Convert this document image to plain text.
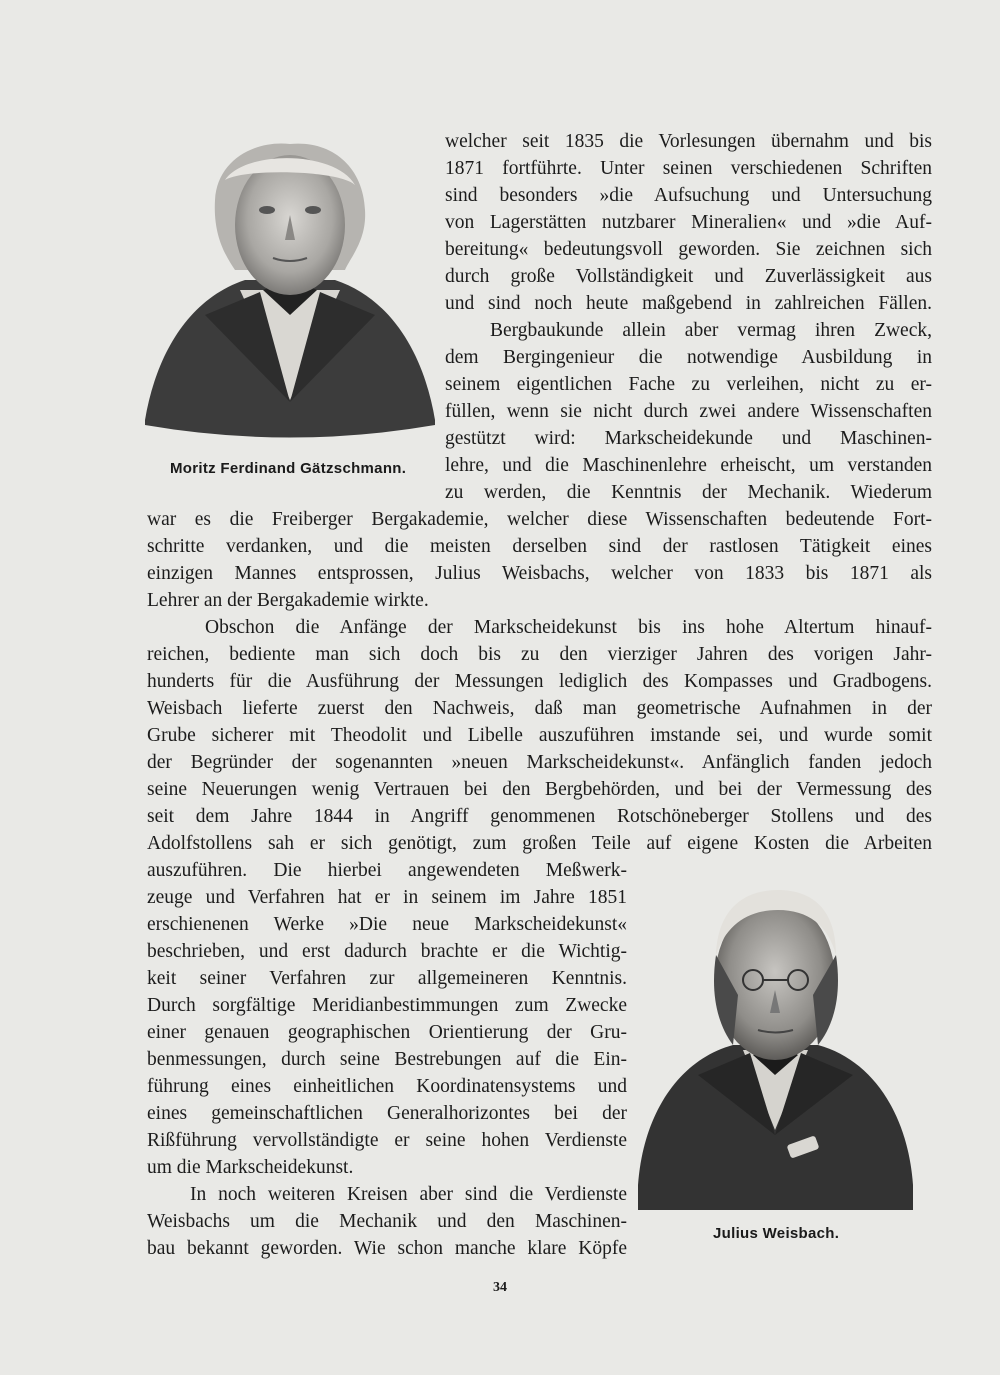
Moritz Ferdinand Gätzschmann.
Julius Weisbach.
welcher seit 1835 die Vorlesungen übernahm und bis
1871 fortführte. Unter seinen verschiedenen Schriften
sind besonders »die Aufsuchung und Untersuchung
von Lagerstätten nutzbarer Mineralien« und »die Auf-
bereitung« bedeutungsvoll geworden. Sie zeichnen sich
durch große Vollständigkeit und Zuverlässigkeit aus
und sind noch heute maßgebend in zahlreichen Fällen.
Bergbaukunde allein aber vermag ihren Zweck,
dem Bergingenieur die notwendige Ausbildung in
seinem eigentlichen Fache zu verleihen, nicht zu er-
füllen, wenn sie nicht durch zwei andere Wissenschaften
gestützt wird: Markscheidekunde und Maschinen-
lehre, und die Maschinenlehre erheischt, um verstanden
zu werden, die Kenntnis der Mechanik. Wiederum
war es die Freiberger Bergakademie, welcher diese Wissenschaften bedeutende Fort-
schritte verdanken, und die meisten derselben sind der rastlosen Tätigkeit eines
einzigen Mannes entsprossen, Julius Weisbachs, welcher von 1833 bis 1871 als
Lehrer an der Bergakademie wirkte.
Obschon die Anfänge der Markscheidekunst bis ins hohe Altertum hinauf-
reichen, bediente man sich doch bis zu den vierziger Jahren des vorigen Jahr-
hunderts für die Ausführung der Messungen lediglich des Kompasses und Gradbogens.
Weisbach lieferte zuerst den Nachweis, daß man geometrische Aufnahmen in der
Grube sicherer mit Theodolit und Libelle auszuführen imstande sei, und wurde somit
der Begründer der sogenannten »neuen Markscheidekunst«. Anfänglich fanden jedoch
seine Neuerungen wenig Vertrauen bei den Bergbehörden, und bei der Vermessung des
seit dem Jahre 1844 in Angriff genommenen Rotschöneberger Stollens und des
Adolfstollens sah er sich genötigt, zum großen Teile auf eigene Kosten die Arbeiten
auszuführen. Die hierbei angewendeten Meßwerk-
zeuge und Verfahren hat er in seinem im Jahre 1851
erschienenen Werke »Die neue Markscheidekunst«
beschrieben, und erst dadurch brachte er die Wichtig-
keit seiner Verfahren zur allgemeineren Kenntnis.
Durch sorgfältige Meridianbestimmungen zum Zwecke
einer genauen geographischen Orientierung der Gru-
benmessungen, durch seine Bestrebungen auf die Ein-
führung eines einheitlichen Koordinatensystems und
eines gemeinschaftlichen Generalhorizontes bei der
Rißführung vervollständigte er seine hohen Verdienste
um die Markscheidekunst.
In noch weiteren Kreisen aber sind die Verdienste
Weisbachs um die Mechanik und den Maschinen-
bau bekannt geworden. Wie schon manche klare Köpfe
34
